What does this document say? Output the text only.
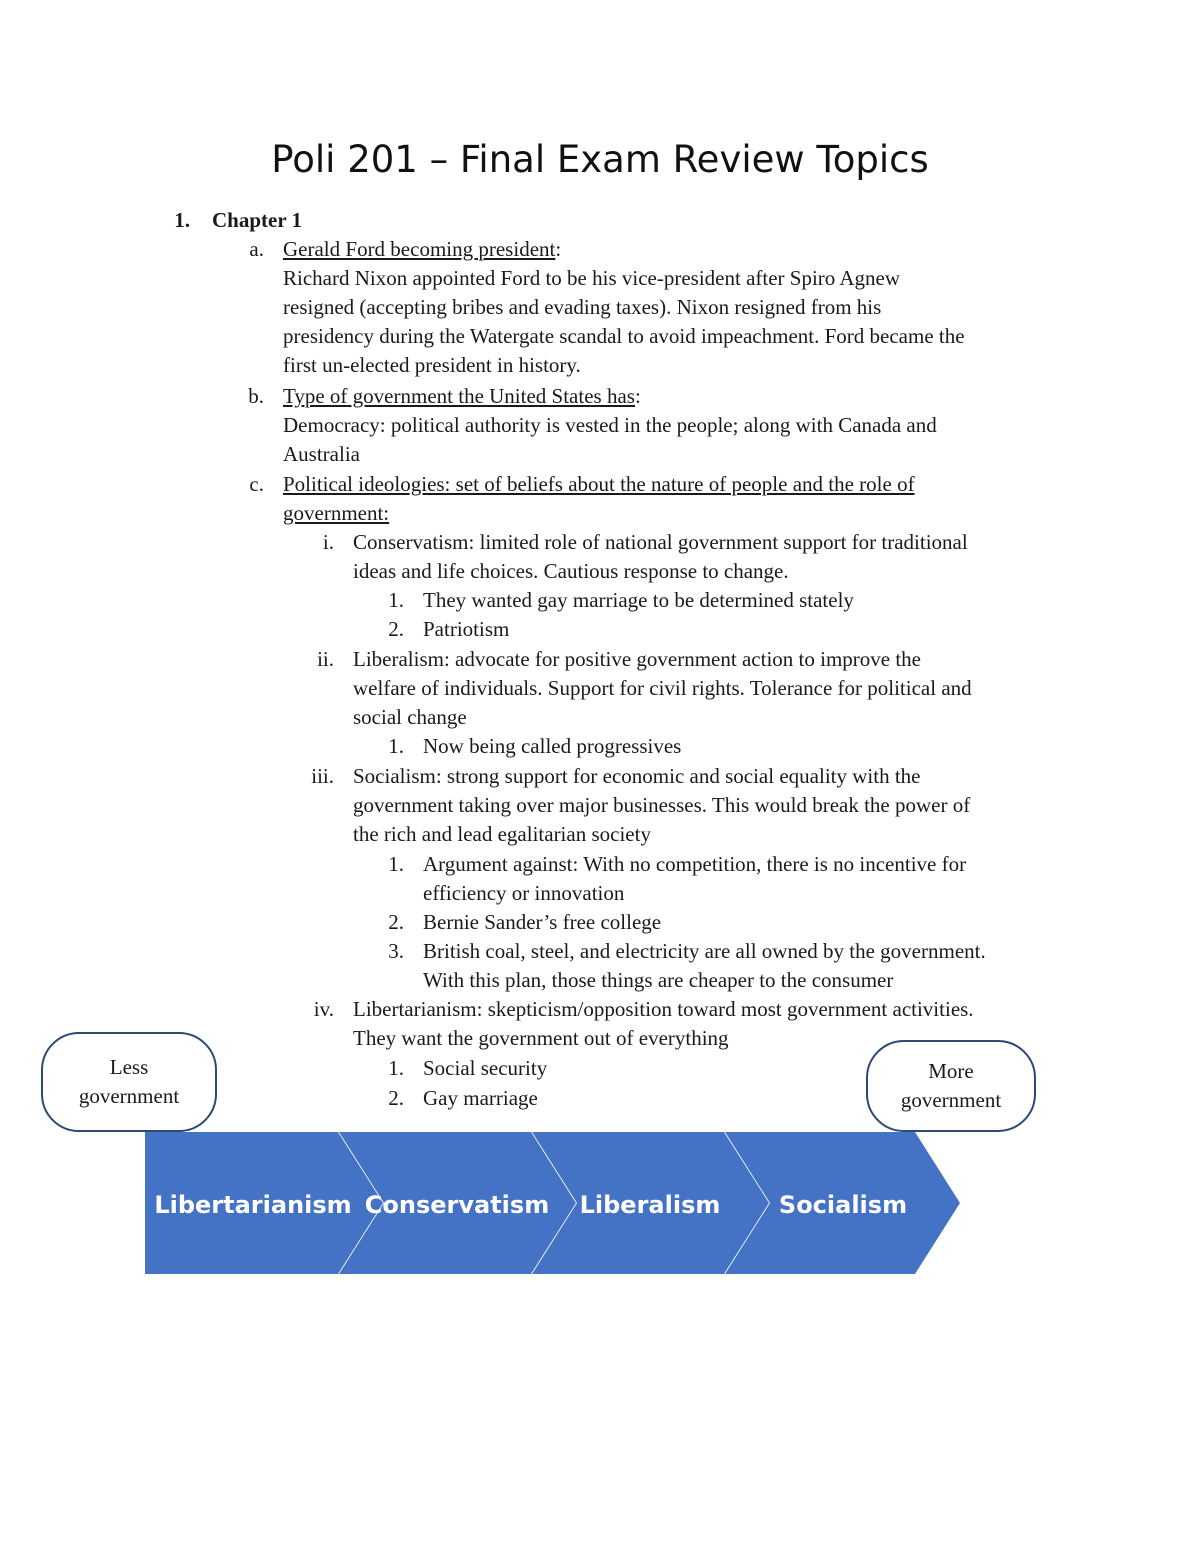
Poli 201 – Final Exam Review Topics
1. Chapter 1
a. Gerald Ford becoming president:
Richard Nixon appointed Ford to be his vice-president after Spiro Agnew
resigned (accepting bribes and evading taxes). Nixon resigned from his
presidency during the Watergate scandal to avoid impeachment. Ford became the
first un-elected president in history.
b. Type of government the United States has:
Democracy: political authority is vested in the people; along with Canada and
Australia
c. Political ideologies: set of beliefs about the nature of people and the role of
government:
i. Conservatism: limited role of national government support for traditional
ideas and life choices. Cautious response to change.
1. They wanted gay marriage to be determined stately
2. Patriotism
ii. Liberalism: advocate for positive government action to improve the
welfare of individuals. Support for civil rights. Tolerance for political and
social change
1. Now being called progressives
iii. Socialism: strong support for economic and social equality with the
government taking over major businesses. This would break the power of
the rich and lead egalitarian society
1. Argument against: With no competition, there is no incentive for
efficiency or innovation
2. Bernie Sander’s free college
3. British coal, steel, and electricity are all owned by the government.
With this plan, those things are cheaper to the consumer
iv. Libertarianism: skepticism/opposition toward most government activities.
They want the government out of everything
1. Social security
2. Gay marriage
Less
government
More
government
Libertarianism Conservatism Liberalism Socialism
